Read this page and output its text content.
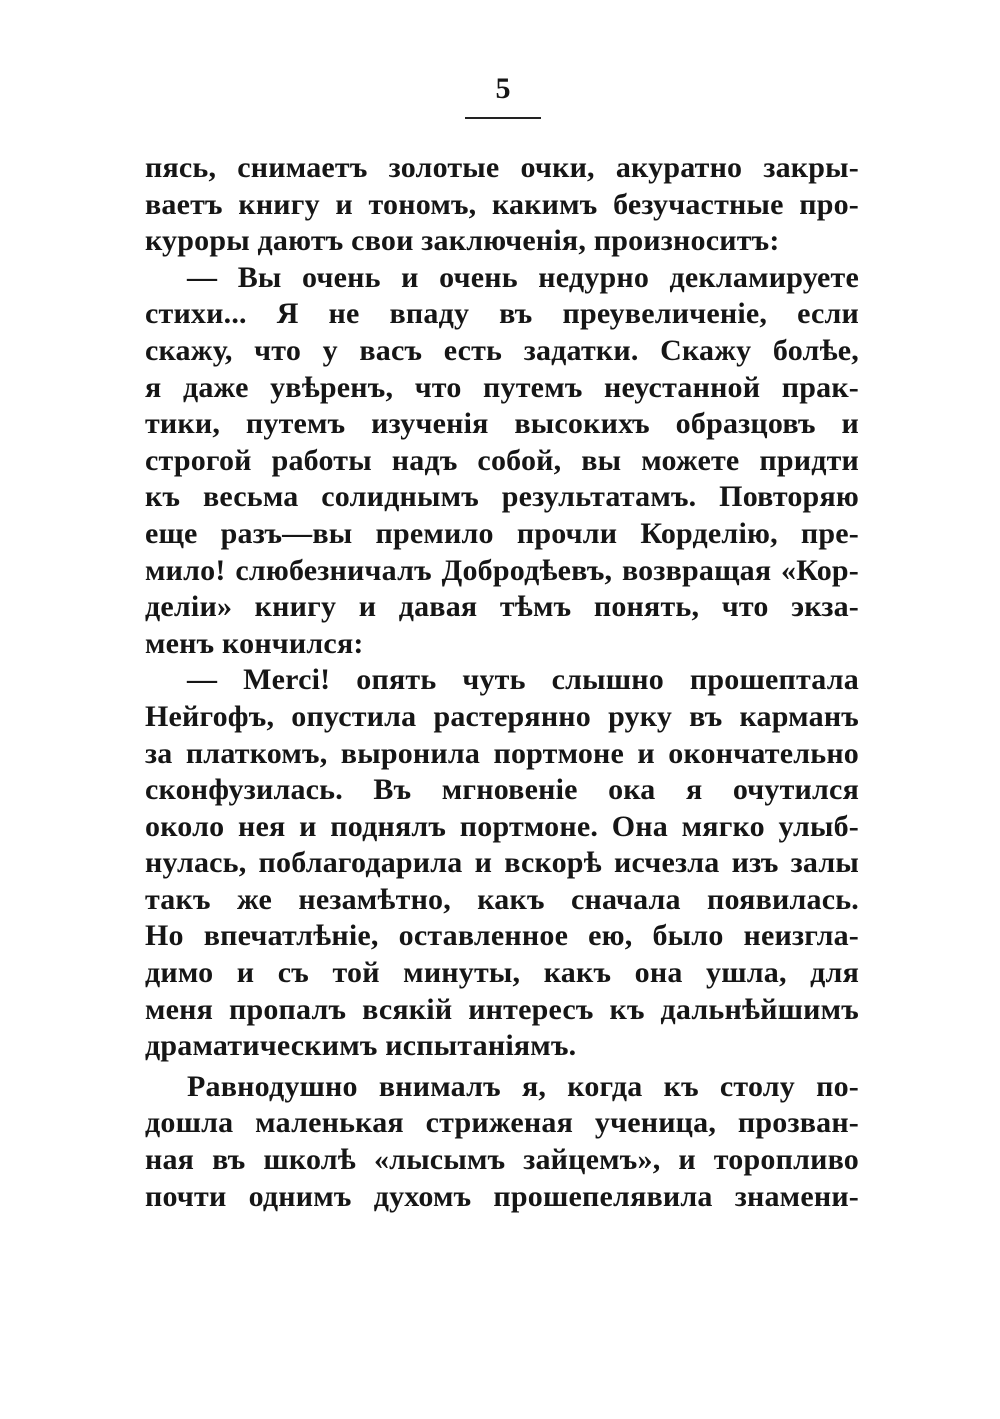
5
пясь, снимаетъ золотые очки, акуратно закры-
ваетъ книгу и тономъ, какимъ безучастные про-
куроры даютъ свои заключенія, произноситъ:
— Вы очень и очень недурно декламируете
стихи... Я не впаду въ преувеличеніе, если
скажу, что у васъ есть задатки. Скажу болѣе,
я даже увѣренъ, что путемъ неустанной прак-
тики, путемъ изученія высокихъ образцовъ и
строгой работы надъ собой, вы можете придти
къ весьма солиднымъ результатамъ. Повторяю
еще разъ—вы премило прочли Корделію, пре-
мило! слюбезничалъ Добродѣевъ, возвращая «Кор-
деліи» книгу и давая тѣмъ понять, что экза-
менъ кончился:
— Merci! опять чуть слышно прошептала
Нейгофъ, опустила растерянно руку въ карманъ
за платкомъ, выронила портмоне и окончательно
сконфузилась. Въ мгновеніе ока я очутился
около нея и поднялъ портмоне. Она мягко улыб-
нулась, поблагодарила и вскорѣ исчезла изъ залы
такъ же незамѣтно, какъ сначала появилась.
Но впечатлѣніе, оставленное ею, было неизгла-
димо и съ той минуты, какъ она ушла, для
меня пропалъ всякій интересъ къ дальнѣйшимъ
драматическимъ испытаніямъ.
Равнодушно внималъ я, когда къ столу по-
дошла маленькая стриженая ученица, прозван-
ная въ школѣ «лысымъ зайцемъ», и торопливо
почти однимъ духомъ прошепелявила знамени-
